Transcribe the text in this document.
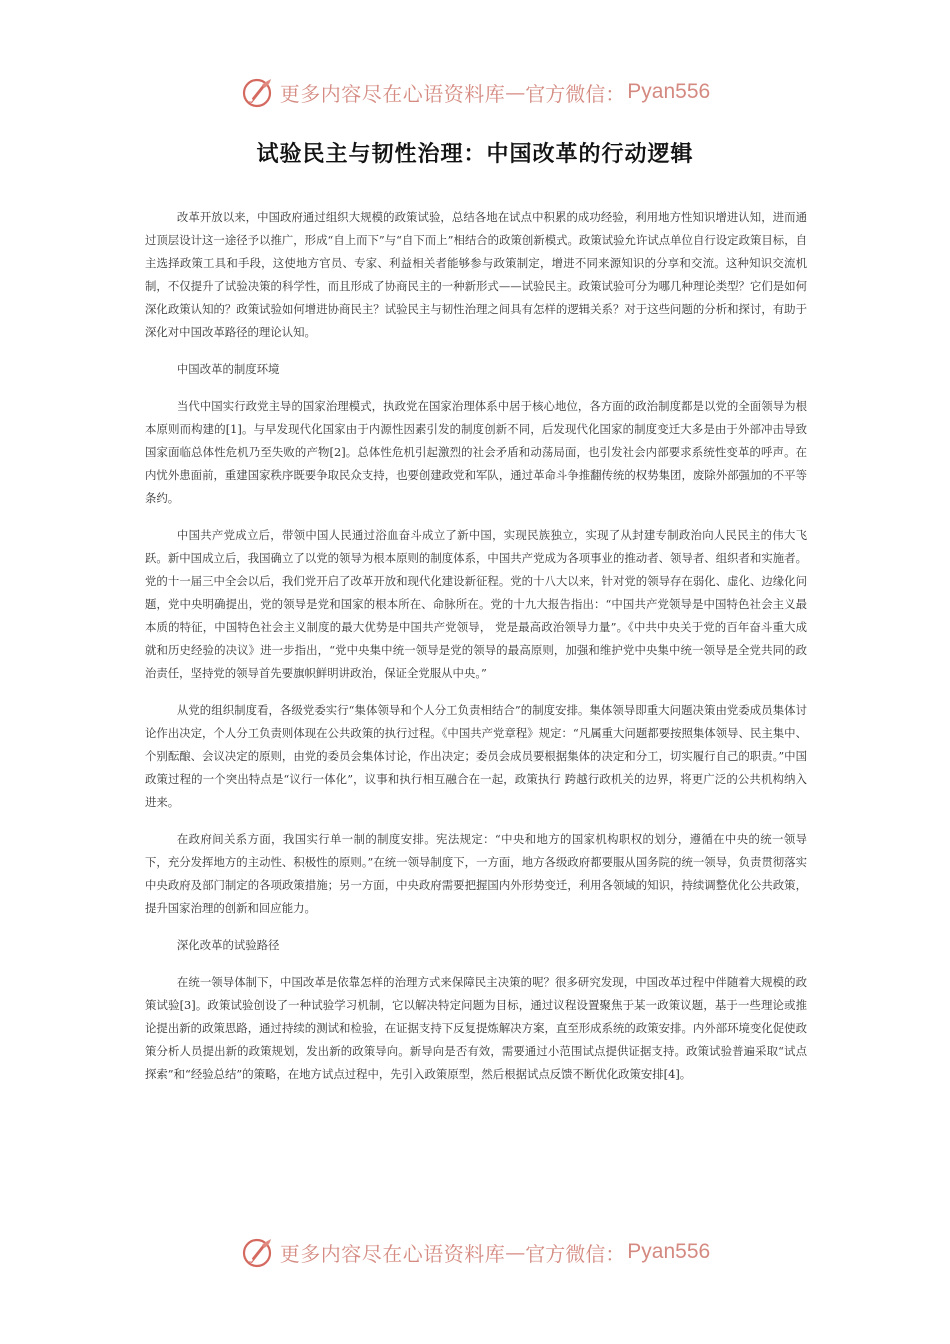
更多内容尽在心语资料库 — 官方微信： Pyan556
试验民主与韧性治理：中国改革的行动逻辑

改革开放以来，中国政府通过组织大规模的政策试验，总结各地在试点中积累的成功经验，利用地方性知识增进认知，进而通过顶层设计这一途径予以推广，形成“自上而下”与“自下而上”相结合的政策创新模式。政策试验允许试点单位自行设定政策目标，自主选择政策工具和手段，这使地方官员、专家、利益相关者能够参与政策制定，增进不同来源知识的分享和交流。这种知识交流机制，不仅提升了试验决策的科学性，而且形成了协商民主的一种新形式——试验民主。政策试验可分为哪几种理论类型？它们是如何深化政策认知的？政策试验如何增进协商民主？试验民主与韧性治理之间具有怎样的逻辑关系？对于这些问题的分析和探讨，有助于深化对中国改革路径的理论认知。

中国改革的制度环境

当代中国实行政党主导的国家治理模式，执政党在国家治理体系中居于核心地位，各方面的政治制度都是以党的全面领导为根本原则而构建的[1]。与早发现代化国家由于内源性因素引发的制度创新不同，后发现代化国家的制度变迁大多是由于外部冲击导致国家面临总体性危机乃至失败的产物[2]。总体性危机引起激烈的社会矛盾和动荡局面，也引发社会内部要求系统性变革的呼声。在内忧外患面前，重建国家秩序既要争取民众支持，也要创建政党和军队，通过革命斗争推翻传统的权势集团，废除外部强加的不平等条约。

中国共产党成立后，带领中国人民通过浴血奋斗成立了新中国，实现民族独立，实现了从封建专制政治向人民民主的伟大飞跃。新中国成立后，我国确立了以党的领导为根本原则的制度体系，中国共产党成为各项事业的推动者、领导者、组织者和实施者。党的十一届三中全会以后，我们党开启了改革开放和现代化建设新征程。党的十八大以来，针对党的领导存在弱化、虚化、边缘化问题，党中央明确提出，党的领导是党和国家的根本所在、命脉所在。党的十九大报告指出：“中国共产党领导是中国特色社会主义最本质的特征，中国特色社会主义制度的最大优势是中国共产党领导， 党是最高政治领导力量”。《中共中央关于党的百年奋斗重大成就和历史经验的决议》进一步指出，“党中央集中统一领导是党的领导的最高原则，加强和维护党中央集中统一领导是全党共同的政治责任，坚持党的领导首先要旗帜鲜明讲政治，保证全党服从中央。”

从党的组织制度看，各级党委实行“集体领导和个人分工负责相结合”的制度安排。集体领导即重大问题决策由党委成员集体讨论作出决定，个人分工负责则体现在公共政策的执行过程。《中国共产党章程》规定：“凡属重大问题都要按照集体领导、民主集中、个别酝酿、会议决定的原则，由党的委员会集体讨论，作出决定；委员会成员要根据集体的决定和分工，切实履行自己的职责。”中国政策过程的一个突出特点是“议行一体化”，议事和执行相互融合在一起，政策执行 跨越行政机关的边界，将更广泛的公共机构纳入进来。

在政府间关系方面，我国实行单一制的制度安排。宪法规定：“中央和地方的国家机构职权的划分，遵循在中央的统一领导下，充分发挥地方的主动性、积极性的原则。”在统一领导制度下，一方面，地方各级政府都要服从国务院的统一领导，负责贯彻落实中央政府及部门制定的各项政策措施；另一方面，中央政府需要把握国内外形势变迁，利用各领域的知识，持续调整优化公共政策，提升国家治理的创新和回应能力。

深化改革的试验路径

在统一领导体制下，中国改革是依靠怎样的治理方式来保障民主决策的呢？很多研究发现，中国改革过程中伴随着大规模的政策试验[3]。政策试验创设了一种试验学习机制，它以解决特定问题为目标，通过议程设置聚焦于某一政策议题，基于一些理论或推论提出新的政策思路，通过持续的测试和检验，在证据支持下反复提炼解决方案，直至形成系统的政策安排。内外部环境变化促使政策分析人员提出新的政策规划，发出新的政策导向。新导向是否有效，需要通过小范围试点提供证据支持。政策试验普遍采取“试点探索”和“经验总结”的策略，在地方试点过程中，先引入政策原型，然后根据试点反馈不断优化政策安排[4]。

更多内容尽在心语资料库 — 官方微信： Pyan556
